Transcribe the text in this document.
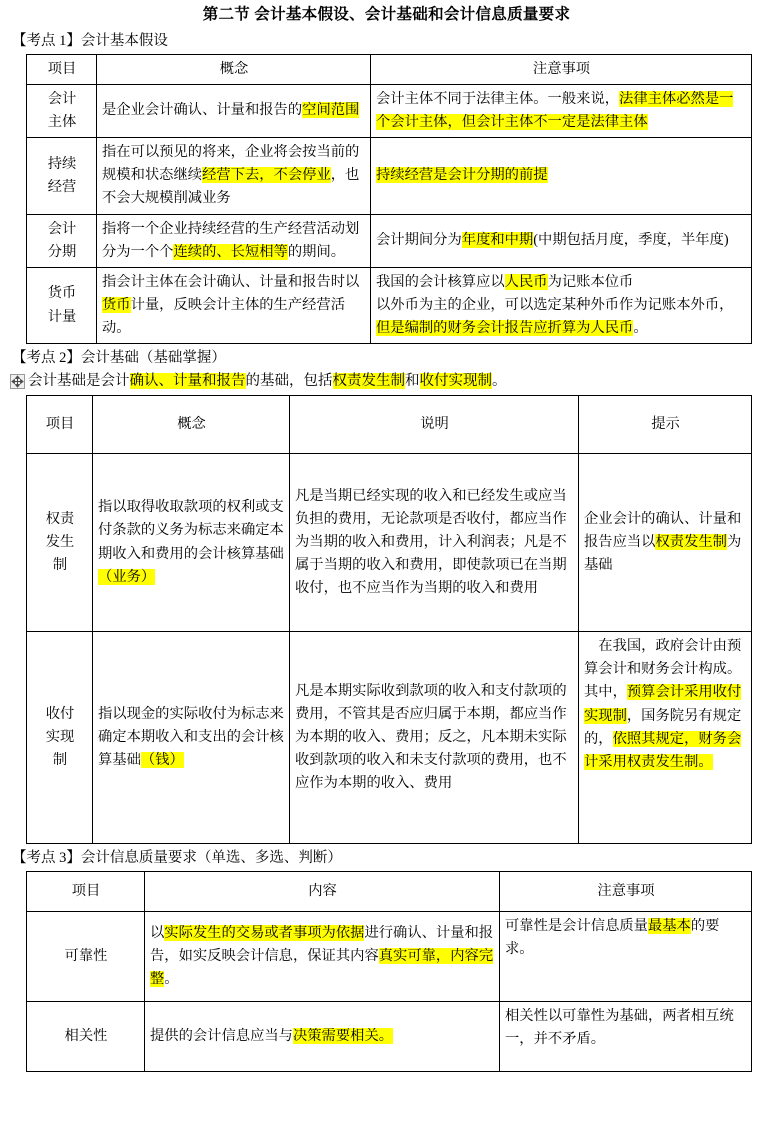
第二节 会计基本假设、会计基础和会计信息质量要求
【考点 1】会计基本假设
项目	概念	注意事项
会计
主体	是企业会计确认、计量和报告的空间范围	会计主体不同于法律主体。一般来说，法律主体必然是一个会计主体，但会计主体不一定是法律主体
持续
经营	指在可以预见的将来，企业将会按当前的规模和状态继续经营下去，不会停业，也不会大规模削减业务	持续经营是会计分期的前提
会计
分期	指将一个企业持续经营的生产经营活动划分为一个个连续的、长短相等的期间。	会计期间分为年度和中期(中期包括月度，季度，半年度)
货币
计量	指会计主体在会计确认、计量和报告时以货币计量，反映会计主体的生产经营活动。	我国的会计核算应以人民币为记账本位币
以外币为主的企业，可以选定某种外币作为记账本外币，但是编制的财务会计报告应折算为人民币。
【考点 2】会计基础（基础掌握）
会计基础是会计确认、计量和报告的基础，包括权责发生制和收付实现制。
项目	概念	说明	提示
权责
发生
制	指以取得收取款项的权利或支付条款的义务为标志来确定本期收入和费用的会计核算基础（业务）	凡是当期已经实现的收入和已经发生或应当负担的费用，无论款项是否收付，都应当作为当期的收入和费用，计入利润表；凡是不属于当期的收入和费用，即使款项已在当期收付，也不应当作为当期的收入和费用	企业会计的确认、计量和报告应当以权责发生制为基础
收付
实现
制	指以现金的实际收付为标志来确定本期收入和支出的会计核算基础（钱）	凡是本期实际收到款项的收入和支付款项的费用，不管其是否应归属于本期，都应当作为本期的收入、费用；反之，凡本期未实际收到款项的收入和未支付款项的费用，也不应作为本期的收入、费用	　在我国，政府会计由预算会计和财务会计构成。其中，预算会计采用收付实现制，国务院另有规定的，依照其规定，财务会计采用权责发生制。
【考点 3】会计信息质量要求（单选、多选、判断）
项目	内容	注意事项
可靠性	以实际发生的交易或者事项为依据进行确认、计量和报告，如实反映会计信息，保证其内容真实可靠，内容完整。	可靠性是会计信息质量最基本的要求。
相关性	提供的会计信息应当与决策需要相关。	相关性以可靠性为基础，两者相互统一，并不矛盾。
